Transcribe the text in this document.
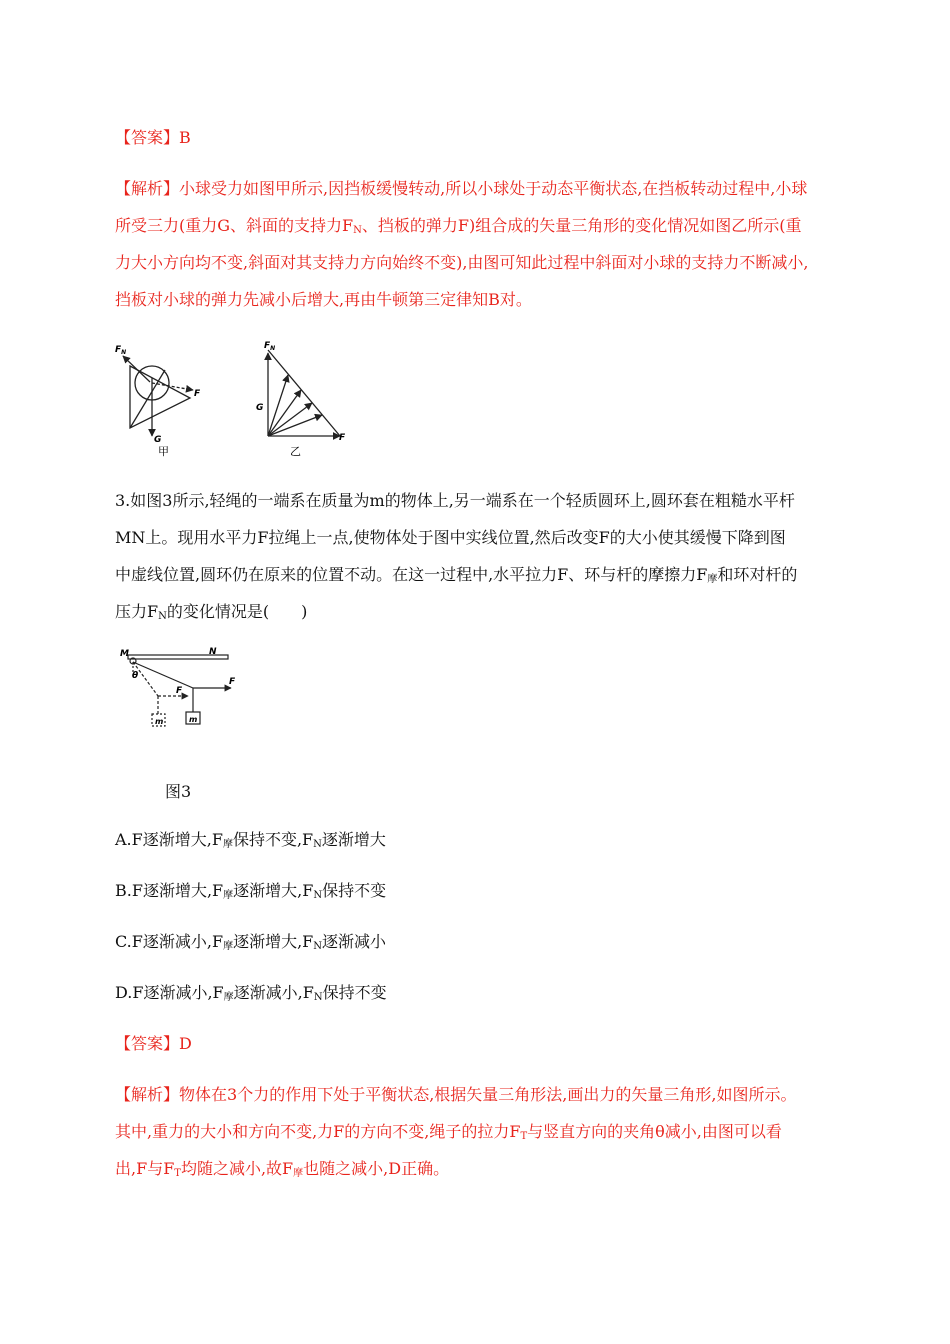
【答案】B
【解析】小球受力如图甲所示,因挡板缓慢转动,所以小球处于动态平衡状态,在挡板转动过程中,小球
所受三力(重力G、斜面的支持力$F_N$、挡板的弹力F)组合成的矢量三角形的变化情况如图乙所示(重
力大小方向均不变,斜面对其支持力方向始终不变),由图可知此过程中斜面对小球的支持力不断减小,
挡板对小球的弹力先减小后增大,再由牛顿第三定律知B对。
$F_N$
F
G
甲
$F_N$
G
F
乙
3.如图3所示,轻绳的一端系在质量为m的物体上,另一端系在一个轻质圆环上,圆环套在粗糙水平杆
MN上。现用水平力F拉绳上一点,使物体处于图中实线位置,然后改变F的大小使其缓慢下降到图
中虚线位置,圆环仍在原来的位置不动。在这一过程中,水平拉力F、环与杆的摩擦力$F_摩$和环对杆的
压力$F_N$的变化情况是(　　)
M	N
θ
F
F
m	m
图3
A.F逐渐增大$,F_摩$保持不变$,F_N$逐渐增大
B.F逐渐增大$,F_摩$逐渐增大$,F_N$保持不变
C.F逐渐减小$,F_摩$逐渐增大$,F_N$逐渐减小
D.F逐渐减小$,F_摩$逐渐减小$,F_N$保持不变
【答案】D
【解析】物体在3个力的作用下处于平衡状态,根据矢量三角形法,画出力的矢量三角形,如图所示。
其中,重力的大小和方向不变,力F的方向不变,绳子的拉力$F_T$与竖直方向的夹角θ减小,由图可以看
出,F与$F_T$均随之减小,故$F_摩$也随之减小,D正确。
